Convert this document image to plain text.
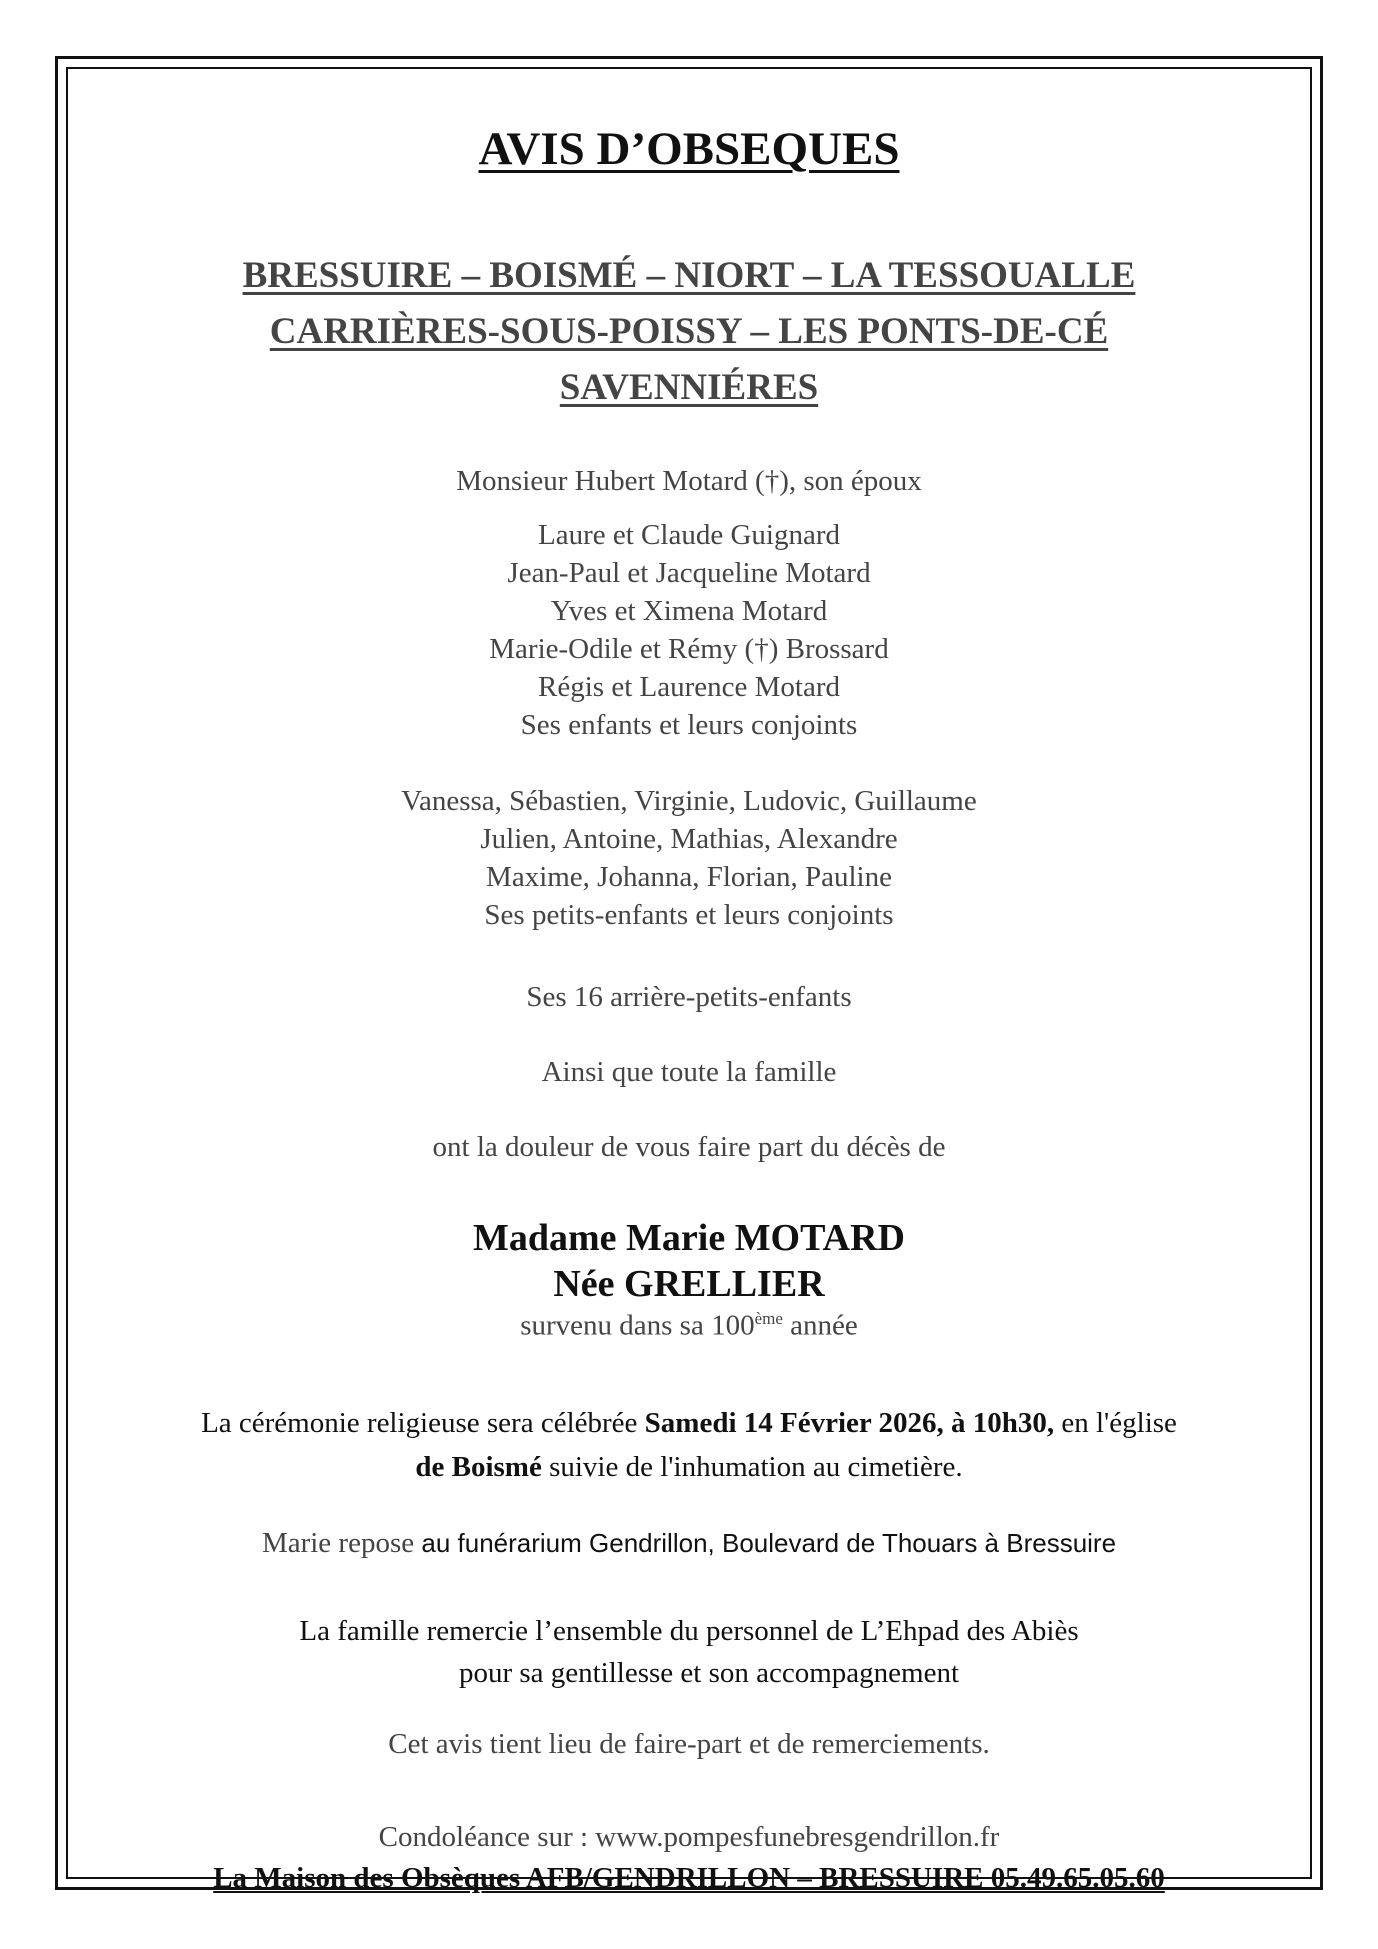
AVIS D’OBSEQUES
BRESSUIRE – BOISMÉ – NIORT – LA TESSOUALLE
CARRIÈRES-SOUS-POISSY – LES PONTS-DE-CÉ
SAVENNIÉRES
Monsieur Hubert Motard (†), son époux
Laure et Claude Guignard
Jean-Paul et Jacqueline Motard
Yves et Ximena Motard
Marie-Odile et Rémy (†) Brossard
Régis et Laurence Motard
Ses enfants et leurs conjoints
Vanessa, Sébastien, Virginie, Ludovic, Guillaume
Julien, Antoine, Mathias, Alexandre
Maxime, Johanna, Florian, Pauline
Ses petits-enfants et leurs conjoints
Ses 16 arrière-petits-enfants
Ainsi que toute la famille
ont la douleur de vous faire part du décès de
Madame Marie MOTARD
Née GRELLIER
survenu dans sa 100ème année
La cérémonie religieuse sera célébrée Samedi 14 Février 2026, à 10h30, en l'église
de Boismé suivie de l'inhumation au cimetière.
Marie repose au funérarium Gendrillon, Boulevard de Thouars à Bressuire
La famille remercie l’ensemble du personnel de L’Ehpad des Abiès
pour sa gentillesse et son accompagnement
Cet avis tient lieu de faire-part et de remerciements.
Condoléance sur : www.pompesfunebresgendrillon.fr
La Maison des Obsèques AFB/GENDRILLON – BRESSUIRE 05.49.65.05.60
